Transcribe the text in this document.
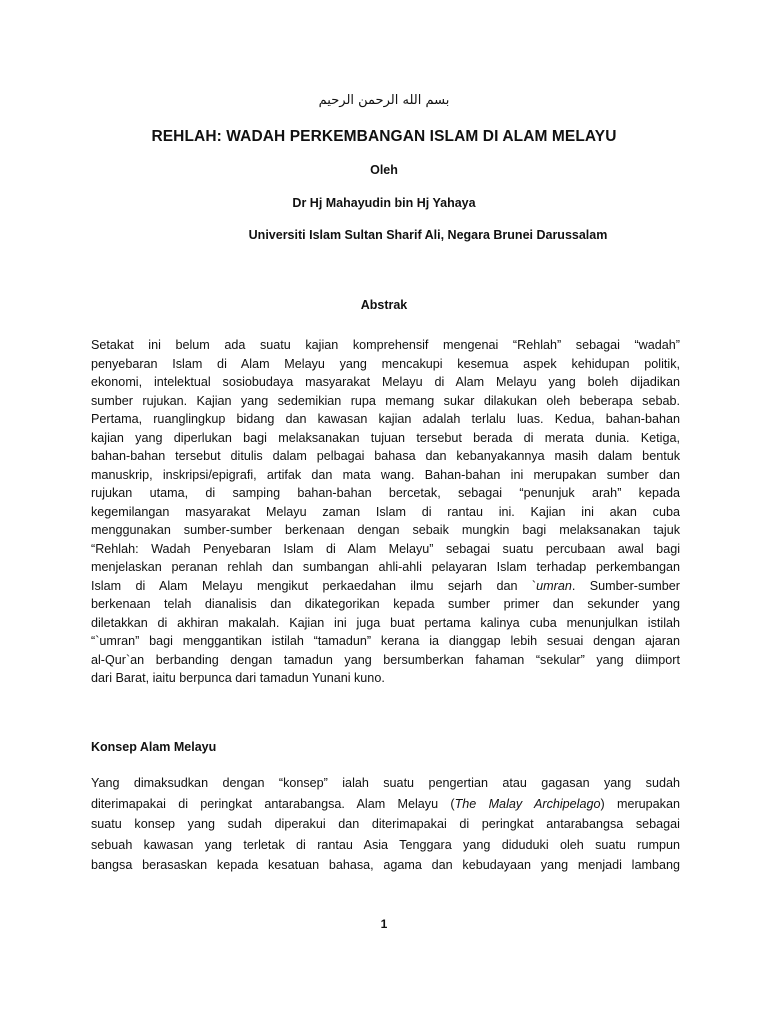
بسم الله الرحمن الرحيم
REHLAH: WADAH PERKEMBANGAN ISLAM DI ALAM MELAYU
Oleh
Dr Hj Mahayudin bin Hj Yahaya
Universiti Islam Sultan Sharif Ali, Negara Brunei Darussalam
Abstrak
Setakat ini belum ada suatu kajian komprehensif mengenai “Rehlah” sebagai “wadah”
penyebaran Islam di Alam Melayu yang mencakupi kesemua aspek kehidupan politik,
ekonomi, intelektual sosiobudaya masyarakat Melayu di Alam Melayu yang boleh dijadikan
sumber rujukan. Kajian yang sedemikian rupa memang sukar dilakukan oleh beberapa sebab.
Pertama, ruanglingkup bidang dan kawasan kajian adalah terlalu luas. Kedua, bahan-bahan
kajian yang diperlukan bagi melaksanakan tujuan tersebut berada di merata dunia. Ketiga,
bahan-bahan tersebut ditulis dalam pelbagai bahasa dan kebanyakannya masih dalam bentuk
manuskrip, inskripsi/epigrafi, artifak dan mata wang. Bahan-bahan ini merupakan sumber dan
rujukan utama, di samping bahan-bahan bercetak, sebagai “penunjuk arah” kepada
kegemilangan masyarakat Melayu zaman Islam di rantau ini. Kajian ini akan cuba
menggunakan sumber-sumber berkenaan dengan sebaik mungkin bagi melaksanakan tajuk
“Rehlah: Wadah Penyebaran Islam di Alam Melayu” sebagai suatu percubaan awal bagi
menjelaskan peranan rehlah dan sumbangan ahli-ahli pelayaran Islam terhadap perkembangan
Islam di Alam Melayu mengikut perkaedahan ilmu sejarh dan `umran. Sumber-sumber
berkenaan telah dianalisis dan dikategorikan kepada sumber primer dan sekunder yang
diletakkan di akhiran makalah. Kajian ini juga buat pertama kalinya cuba menunjulkan istilah
“`umran” bagi menggantikan istilah “tamadun” kerana ia dianggap lebih sesuai dengan ajaran
al-Qur`an berbanding dengan tamadun yang bersumberkan fahaman “sekular” yang diimport
dari Barat, iaitu berpunca dari tamadun Yunani kuno.
Konsep Alam Melayu
Yang dimaksudkan dengan “konsep” ialah suatu pengertian atau gagasan yang sudah
diterimapakai di peringkat antarabangsa. Alam Melayu (The Malay Archipelago) merupakan
suatu konsep yang sudah diperakui dan diterimapakai di peringkat antarabangsa sebagai
sebuah kawasan yang terletak di rantau Asia Tenggara yang diduduki oleh suatu rumpun
bangsa berasaskan kepada kesatuan bahasa, agama dan kebudayaan yang menjadi lambang
1
